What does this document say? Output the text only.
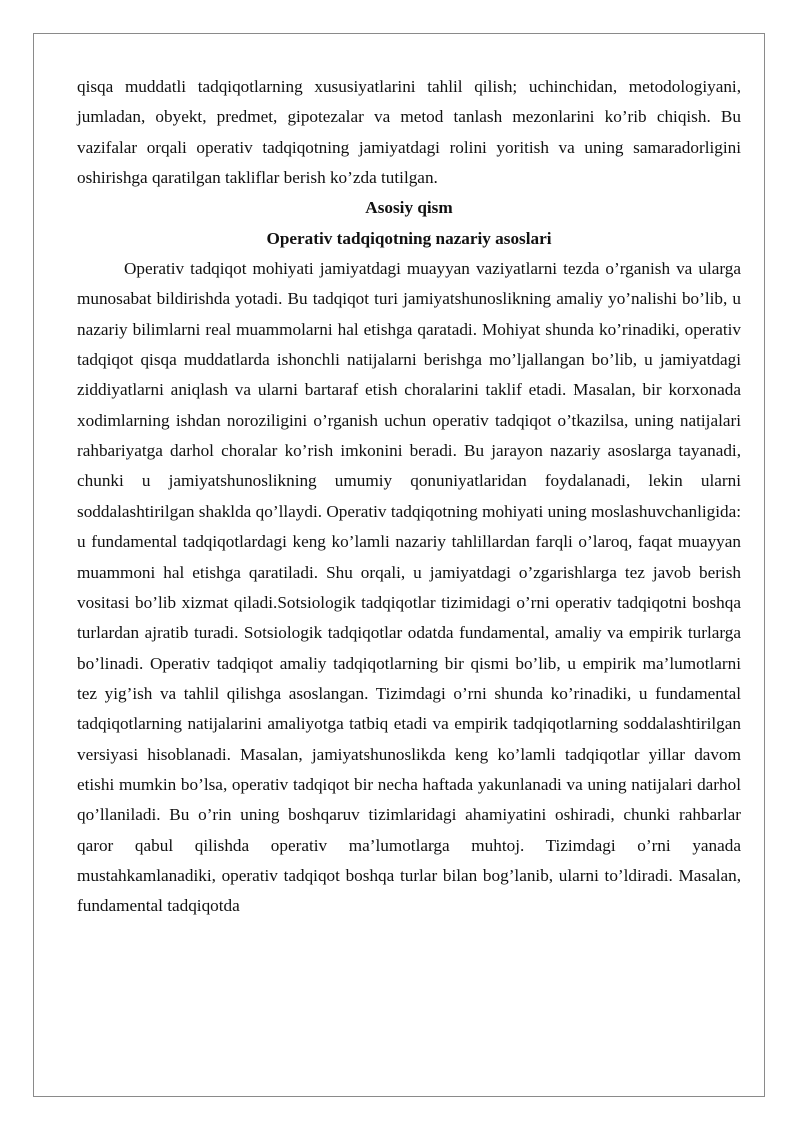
qisqa muddatli tadqiqotlarning xususiyatlarini tahlil qilish; uchinchidan, metodologiyani, jumladan, obyekt, predmet, gipotezalar va metod tanlash mezonlarini ko’rib chiqish. Bu vazifalar orqali operativ tadqiqotning jamiyatdagi rolini yoritish va uning samaradorligini oshirishga qaratilgan takliflar berish ko’zda tutilgan.

Asosiy qism
Operativ tadqiqotning nazariy asoslari

Operativ tadqiqot mohiyati jamiyatdagi muayyan vaziyatlarni tezda o’rganish va ularga munosabat bildirishda yotadi. Bu tadqiqot turi jamiyatshunoslikning amaliy yo’nalishi bo’lib, u nazariy bilimlarni real muammolarni hal etishga qaratadi. Mohiyat shunda ko’rinadiki, operativ tadqiqot qisqa muddatlarda ishonchli natijalarni berishga mo’ljallangan bo’lib, u jamiyatdagi ziddiyatlarni aniqlash va ularni bartaraf etish choralarini taklif etadi. Masalan, bir korxonada xodimlarning ishdan noroziligini o’rganish uchun operativ tadqiqot o’tkazilsa, uning natijalari rahbariyatga darhol choralar ko’rish imkonini beradi. Bu jarayon nazariy asoslarga tayanadi, chunki u jamiyatshunoslikning umumiy qonuniyatlaridan foydalanadi, lekin ularni soddalashtirilgan shaklda qo’llaydi. Operativ tadqiqotning mohiyati uning moslashuvchanligida: u fundamental tadqiqotlardagi keng ko’lamli nazariy tahlillardan farqli o’laroq, faqat muayyan muammoni hal etishga qaratiladi. Shu orqali, u jamiyatdagi o’zgarishlarga tez javob berish vositasi bo’lib xizmat qiladi.Sotsiologik tadqiqotlar tizimidagi o’rni operativ tadqiqotni boshqa turlardan ajratib turadi. Sotsiologik tadqiqotlar odatda fundamental, amaliy va empirik turlarga bo’linadi. Operativ tadqiqot amaliy tadqiqotlarning bir qismi bo’lib, u empirik ma’lumotlarni tez yig’ish va tahlil qilishga asoslangan. Tizimdagi o’rni shunda ko’rinadiki, u fundamental tadqiqotlarning natijalarini amaliyotga tatbiq etadi va empirik tadqiqotlarning soddalashtirilgan versiyasi hisoblanadi. Masalan, jamiyatshunoslikda keng ko’lamli tadqiqotlar yillar davom etishi mumkin bo’lsa, operativ tadqiqot bir necha haftada yakunlanadi va uning natijalari darhol qo’llaniladi. Bu o’rin uning boshqaruv tizimlaridagi ahamiyatini oshiradi, chunki rahbarlar qaror qabul qilishda operativ ma’lumotlarga muhtoj. Tizimdagi o’rni yanada mustahkamlanadiki, operativ tadqiqot boshqa turlar bilan bog’lanib, ularni to’ldiradi. Masalan, fundamental tadqiqotda
